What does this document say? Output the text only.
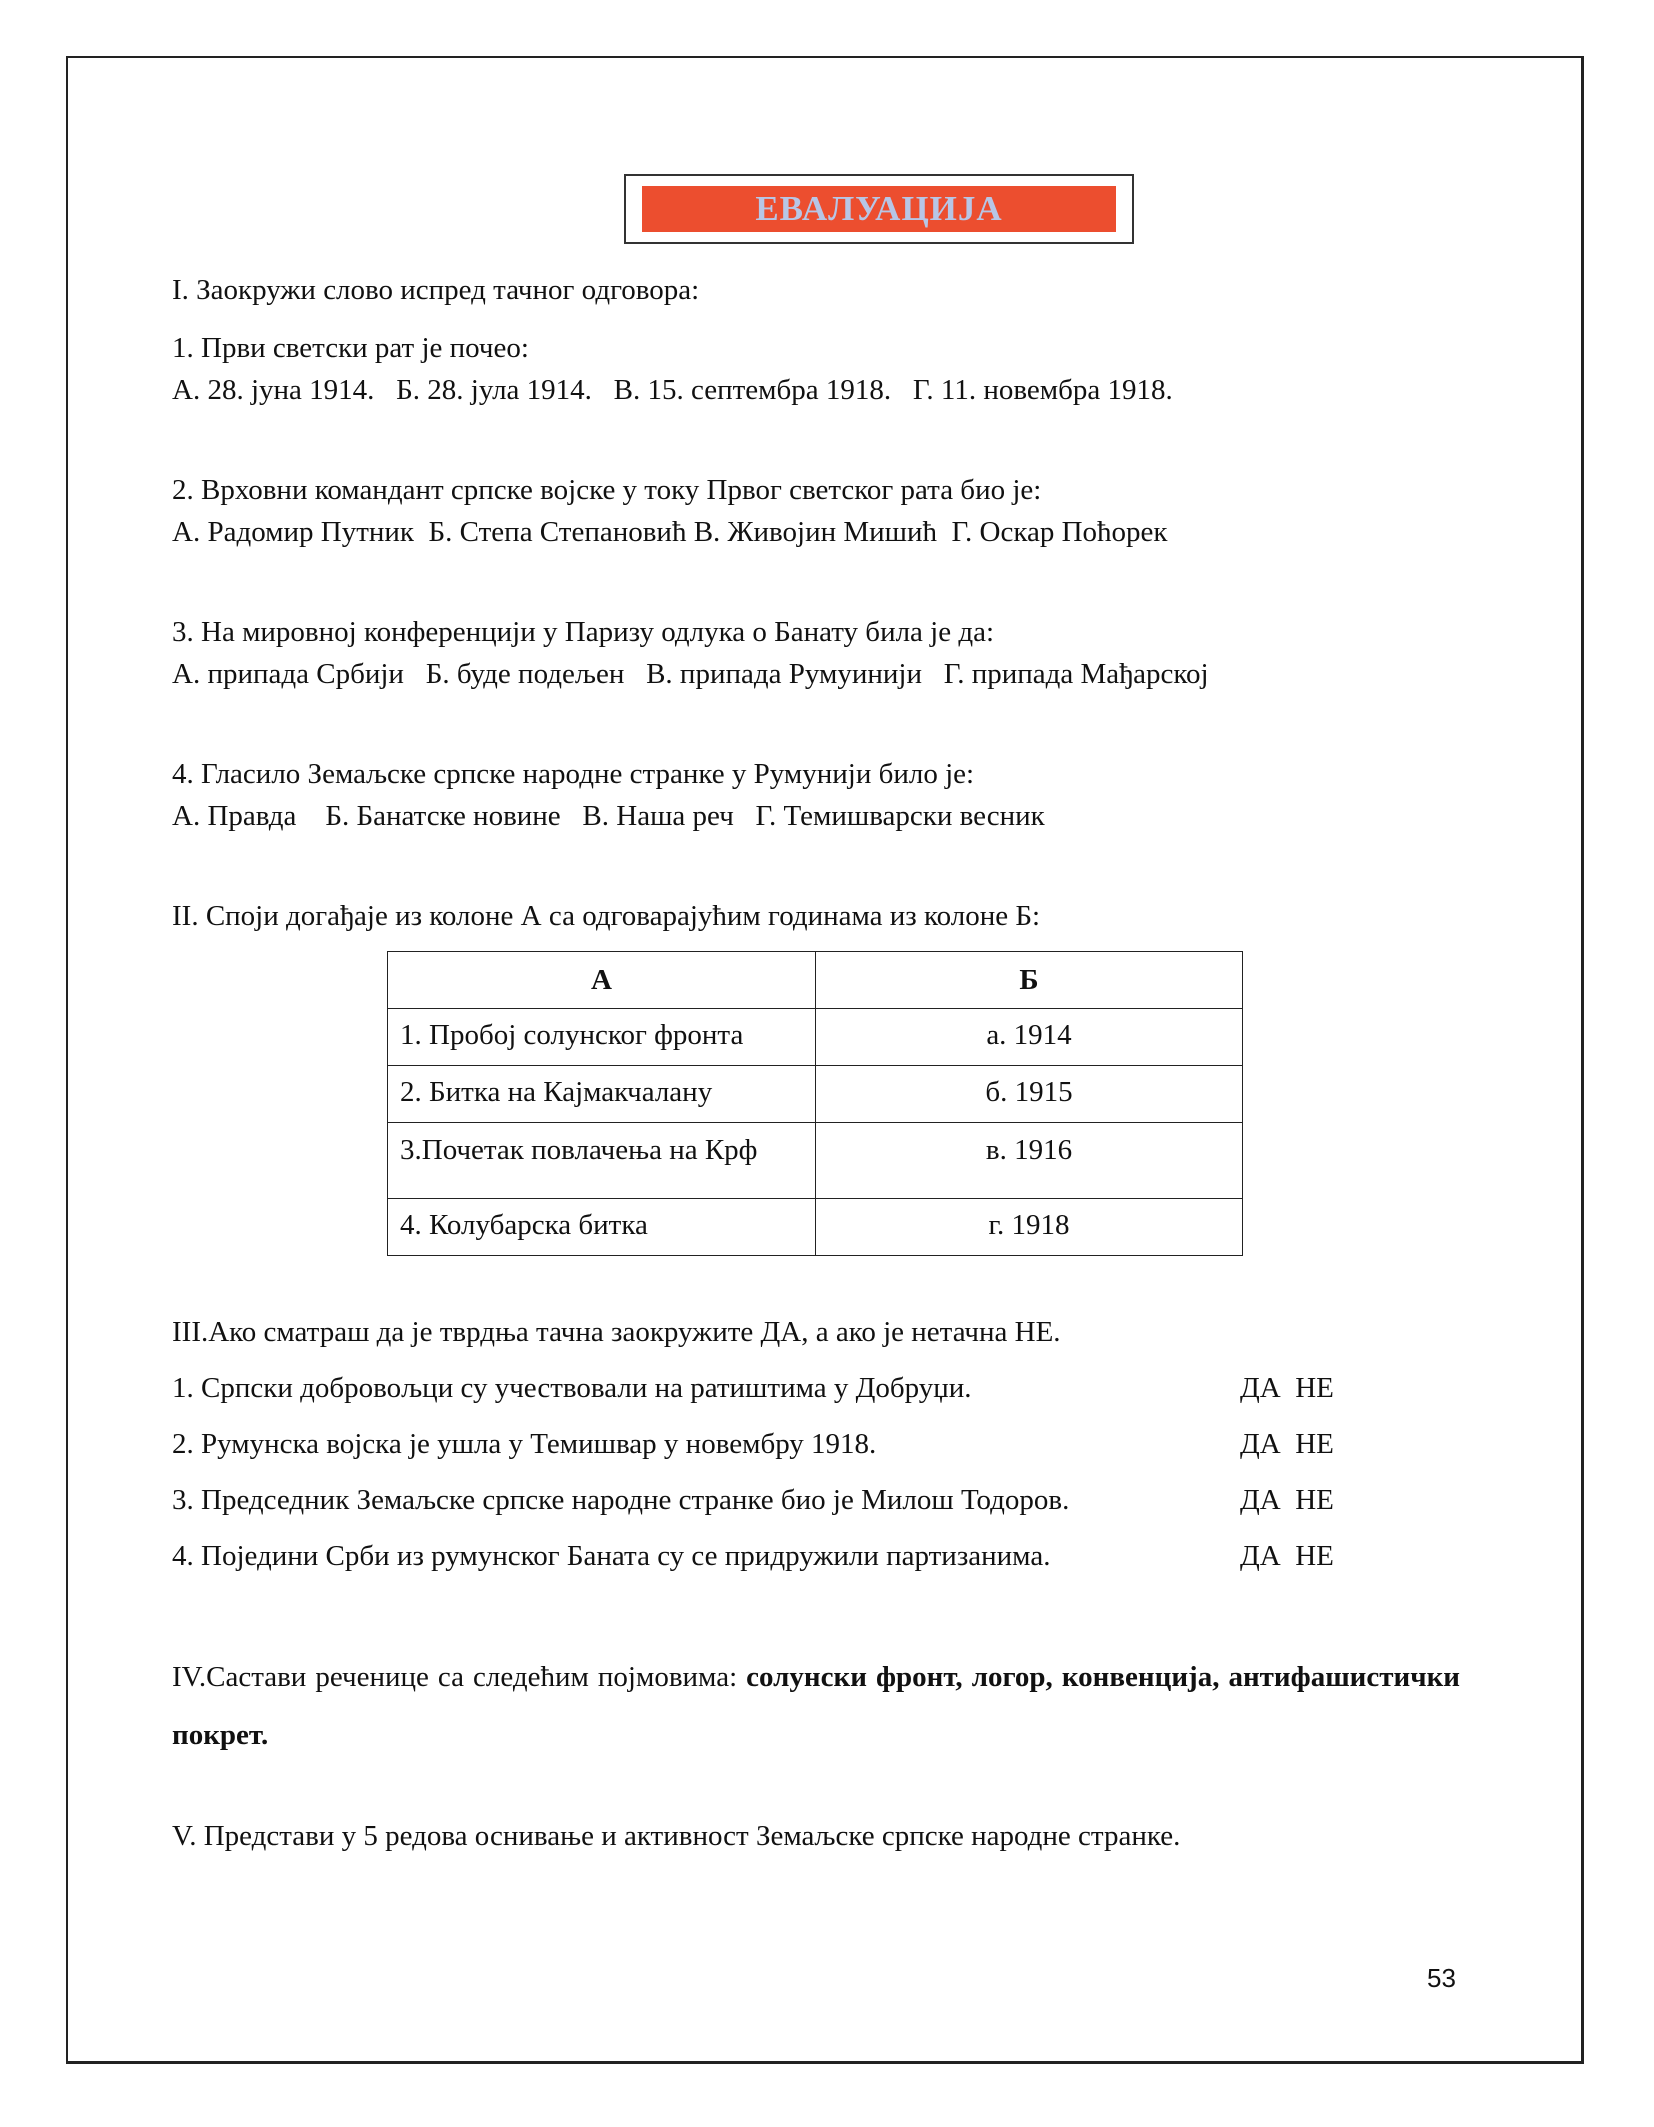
ЕВАЛУАЦИЈА
I. Заокружи слово испред тачног одговора:
1. Први светски рат је почео:
А. 28. јуна 1914.   Б. 28. јула 1914.   В. 15. септембра 1918.   Г. 11. новембра 1918.
2. Врховни командант српске војске у току Првог светског рата био је:
А. Радомир Путник  Б. Степа Степановић В. Живојин Мишић  Г. Оскар Поћорек
3. На мировној конференцији у Паризу одлука о Банату била је да:
А. припада Србији   Б. буде подељен   В. припада Румуинији   Г. припада Мађарској
4. Гласило Земаљске српске народне странке у Румунији било је:
А. Правда    Б. Банатске новине   В. Наша реч   Г. Темишварски весник
II. Споји догађаје из колоне А са одговарајућим годинама из колоне Б:
А	Б
1. Пробој солунског фронта	а. 1914
2. Битка на Кајмакчалану	б. 1915

3.Почетак повлачења на Крф	в. 1916
4. Колубарска битка	г. 1918
III.Ако сматраш да је тврдња тачна заокружите ДА, а ако је нетачна НЕ.
1. Српски добровољци су учествовали на ратиштима у Добруџи.	ДА  НЕ
2. Румунска војска је ушла у Темишвар у новембру 1918.	ДА  НЕ
3. Председник Земаљске српске народне странке био је Милош Тодоров.	ДА  НЕ
4. Поједини Срби из румунског Баната су се придружили партизанима.	ДА  НЕ
IV.Састави реченице са следећим појмовима: солунски фронт, логор, конвенција, антифашистички покрет.
V. Представи у 5 редова оснивање и активност Земаљске српске народне странке.
53
